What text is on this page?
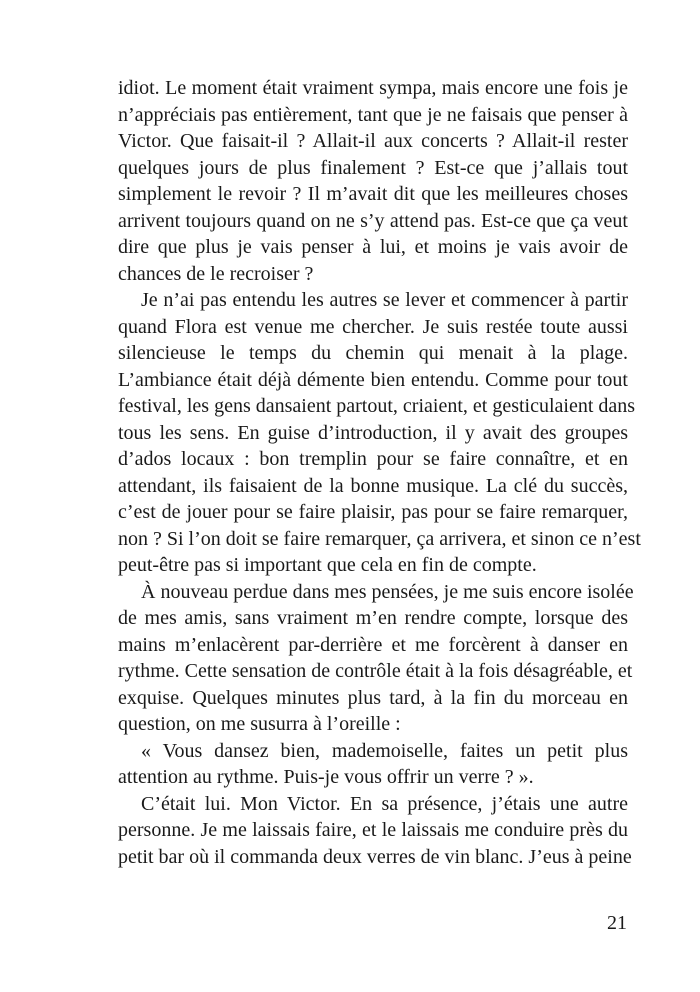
idiot. Le moment était vraiment sympa, mais encore une fois je
n’appréciais pas entièrement, tant que je ne faisais que penser à
Victor. Que faisait-il ? Allait-il aux concerts ? Allait-il rester
quelques jours de plus finalement ? Est-ce que j’allais tout
simplement le revoir ? Il m’avait dit que les meilleures choses
arrivent toujours quand on ne s’y attend pas. Est-ce que ça veut
dire que plus je vais penser à lui, et moins je vais avoir de
chances de le recroiser ?
Je n’ai pas entendu les autres se lever et commencer à partir
quand Flora est venue me chercher. Je suis restée toute aussi
silencieuse le temps du chemin qui menait à la plage.
L’ambiance était déjà démente bien entendu. Comme pour tout
festival, les gens dansaient partout, criaient, et gesticulaient dans
tous les sens. En guise d’introduction, il y avait des groupes
d’ados locaux : bon tremplin pour se faire connaître, et en
attendant, ils faisaient de la bonne musique. La clé du succès,
c’est de jouer pour se faire plaisir, pas pour se faire remarquer,
non ? Si l’on doit se faire remarquer, ça arrivera, et sinon ce n’est
peut-être pas si important que cela en fin de compte.
À nouveau perdue dans mes pensées, je me suis encore isolée
de mes amis, sans vraiment m’en rendre compte, lorsque des
mains m’enlacèrent par-derrière et me forcèrent à danser en
rythme. Cette sensation de contrôle était à la fois désagréable, et
exquise. Quelques minutes plus tard, à la fin du morceau en
question, on me susurra à l’oreille :
« Vous dansez bien, mademoiselle, faites un petit plus
attention au rythme. Puis-je vous offrir un verre ? ».
C’était lui. Mon Victor. En sa présence, j’étais une autre
personne. Je me laissais faire, et le laissais me conduire près du
petit bar où il commanda deux verres de vin blanc. J’eus à peine
21
